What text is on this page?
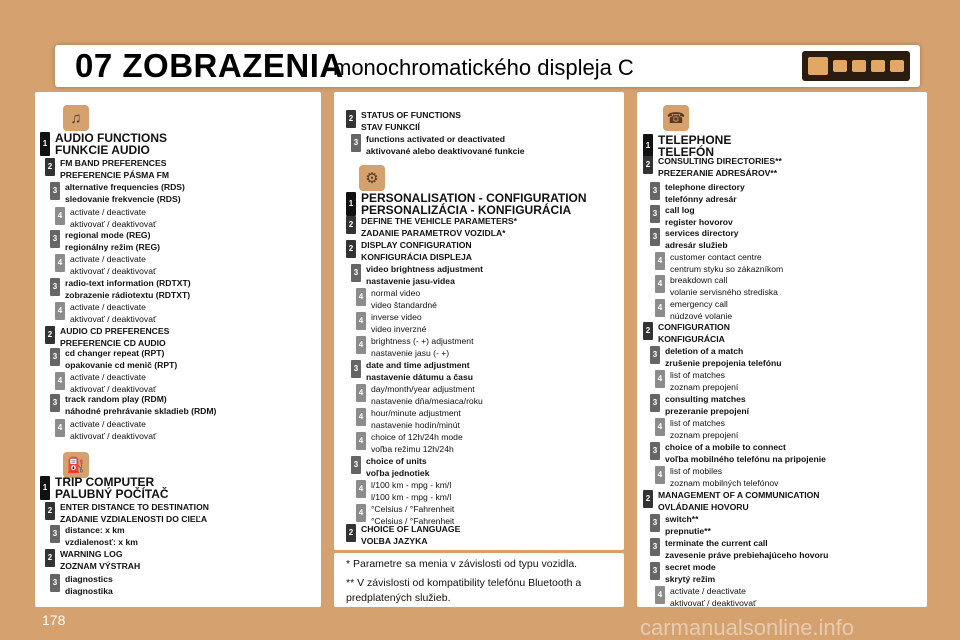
07 ZOBRAZENIA
monochromatického displeja C
♫
⛽
1 AUDIO FUNCTIONS
FUNKCIE AUDIO
2 FM BAND PREFERENCES
PREFERENCIE PÁSMA FM
3 alternative frequencies (RDS)
sledovanie frekvencie (RDS)
4 activate / deactivate
aktivovať / deaktivovať
3 regional mode (REG)
regionálny režim (REG)
4 activate / deactivate
aktivovať / deaktivovať
3 radio-text information (RDTXT)
zobrazenie rádiotextu (RDTXT)
4 activate / deactivate
aktivovať / deaktivovať
2 AUDIO CD PREFERENCES
PREFERENCIE CD AUDIO
3 cd changer repeat (RPT)
opakovanie cd menič (RPT)
4 activate / deactivate
aktivovať / deaktivovať
3 track random play (RDM)
náhodné prehrávanie skladieb (RDM)
4 activate / deactivate
aktivovať / deaktivovať
1 TRIP COMPUTER
PALUBNÝ POČÍTAČ
2 ENTER DISTANCE TO DESTINATION
ZADANIE VZDIALENOSTI DO CIEĽA
3 distance: x km
vzdialenosť: x km
2 WARNING LOG
ZOZNAM VÝSTRAH
3 diagnostics
diagnostika
⚙
2 STATUS OF FUNCTIONS
STAV FUNKCIÍ
3 functions activated or deactivated
aktivované alebo deaktivované funkcie
1 PERSONALISATION - CONFIGURATION
PERSONALIZÁCIA - KONFIGURÁCIA
2 DEFINE THE VEHICLE PARAMETERS*
ZADANIE PARAMETROV VOZIDLA*
2 DISPLAY CONFIGURATION
KONFIGURÁCIA DISPLEJA
3 video brightness adjustment
nastavenie jasu-videa
4 normal video
video štandardné
4 inverse video
video inverzné
4 brightness (- +) adjustment
nastavenie jasu (- +)
3 date and time adjustment
nastavenie dátumu a času
4 day/month/year adjustment
nastavenie dňa/mesiaca/roku
4 hour/minute adjustment
nastavenie hodín/minút
4 choice of 12h/24h mode
voľba režimu 12h/24h
3 choice of units
voľba jednotiek
4 l/100 km - mpg - km/l
l/100 km - mpg - km/l
4 °Celsius / °Fahrenheit
°Celsius / °Fahrenheit
2 CHOICE OF LANGUAGE
VOĽBA JAZYKA
* Parametre sa menia v závislosti od typu vozidla.
** V závislosti od kompatibility telefónu Bluetooth a predplatených služieb.
☎
1 TELEPHONE
TELEFÓN
2 CONSULTING DIRECTORIES**
PREZERANIE ADRESÁROV**
3 telephone directory
telefónny adresár
3 call log
register hovorov
3 services directory
adresár služieb
4 customer contact centre
centrum styku so zákazníkom
4 breakdown call
volanie servisného strediska
4 emergency call
núdzové volanie
2 CONFIGURATION
KONFIGURÁCIA
3 deletion of a match
zrušenie prepojenia telefónu
4 list of matches
zoznam prepojení
3 consulting matches
prezeranie prepojení
4 list of matches
zoznam prepojení
3 choice of a mobile to connect
voľba mobilného telefónu na pripojenie
4 list of mobiles
zoznam mobilných telefónov
2 MANAGEMENT OF A COMMUNICATION
OVLÁDANIE HOVORU
3 switch**
prepnutie**
3 terminate the current call
zavesenie práve prebiehajúceho hovoru
3 secret mode
skrytý režim
4 activate / deactivate
aktivovať / deaktivovať
178	carmanualsonline.info
